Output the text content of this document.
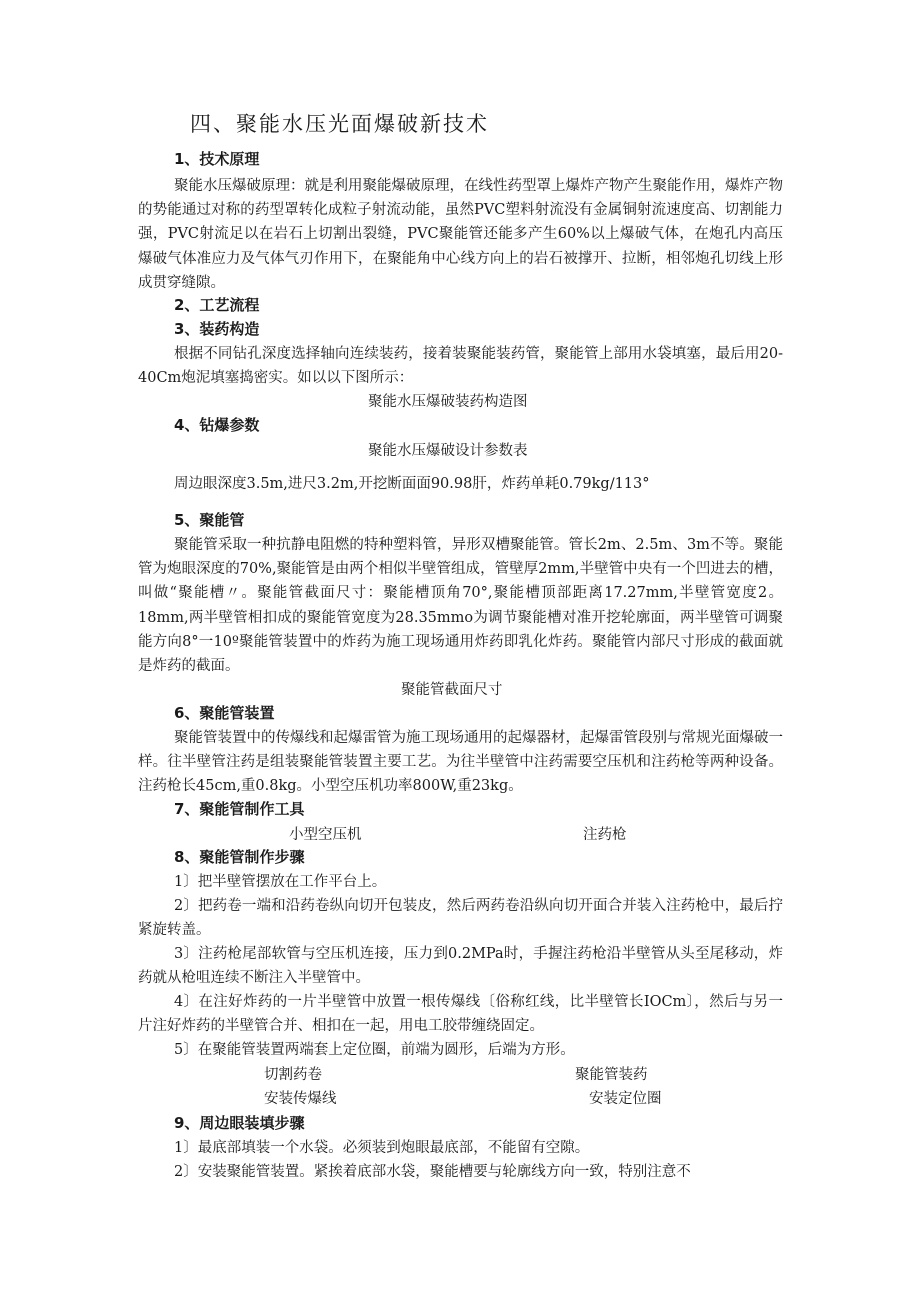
四、聚能水压光面爆破新技术
1、技术原理

聚能水压爆破原理：就是利用聚能爆破原理，在线性药型罩上爆炸产物产生聚能作用，爆炸产物的势能通过对称的药型罩转化成粒子射流动能，虽然PVC塑料射流没有金属铜射流速度高、切割能力强，PVC射流足以在岩石上切割出裂缝，PVC聚能管还能多产生60%以上爆破气体，在炮孔内高压爆破气体准应力及气体气刃作用下，在聚能角中心线方向上的岩石被撑开、拉断，相邻炮孔切线上形成贯穿缝隙。

2、工艺流程
3、装药构造

根据不同钻孔深度选择轴向连续装药，接着装聚能装药管，聚能管上部用水袋填塞，最后用20-40Cm炮泥填塞捣密实。如以以下图所示：

聚能水压爆破装药构造图
4、钻爆参数
聚能水压爆破设计参数表
周边眼深度3.5m,进尺3.2m,开挖断面面90.98肝，炸药单耗0.79kg∕113°
5、聚能管

聚能管采取一种抗静电阻燃的特种塑料管，异形双槽聚能管。管长2m、2.5m、3m不等。聚能管为炮眼深度的70%,聚能管是由两个相似半壁管组成，管壁厚2mm,半壁管中央有一个凹进去的槽，叫做“聚能槽〃。聚能管截面尺寸：聚能槽顶角70°,聚能槽顶部距离17.27mm,半壁管宽度2。18mm,两半壁管相扣成的聚能管宽度为28.35mmo为调节聚能槽对准开挖轮廓面，两半壁管可调聚能方向8°一10º聚能管装置中的炸药为施工现场通用炸药即乳化炸药。聚能管内部尺寸形成的截面就是炸药的截面。

聚能管截面尺寸
6、聚能管装置

聚能管装置中的传爆线和起爆雷管为施工现场通用的起爆器材，起爆雷管段别与常规光面爆破一样。往半壁管注药是组装聚能管装置主要工艺。为往半壁管中注药需要空压机和注药枪等两种设备。注药枪长45cm,重0.8kg。小型空压机功率800W,重23kg。

7、聚能管制作工具
小型空压机	注药枪
8、聚能管制作步骤

1〕把半壁管摆放在工作平台上。

2〕把药卷一端和沿药卷纵向切开包装皮，然后两药卷沿纵向切开面合并装入注药枪中，最后拧紧旋转盖。

3〕注药枪尾部软管与空压机连接，压力到0.2MPa时，手握注药枪沿半壁管从头至尾移动，炸药就从枪咀连续不断注入半壁管中。

4〕在注好炸药的一片半壁管中放置一根传爆线〔俗称红线，比半壁管长IOCm〕，然后与另一片注好炸药的半壁管合并、相扣在一起，用电工胶带缠绕固定。

5〕在聚能管装置两端套上定位圈，前端为圆形，后端为方形。

切割药卷	聚能管装药
安装传爆线	安装定位圈
9、周边眼装填步骤

1〕最底部填装一个水袋。必须装到炮眼最底部，不能留有空隙。

2〕安装聚能管装置。紧挨着底部水袋，聚能槽要与轮廓线方向一致，特别注意不
